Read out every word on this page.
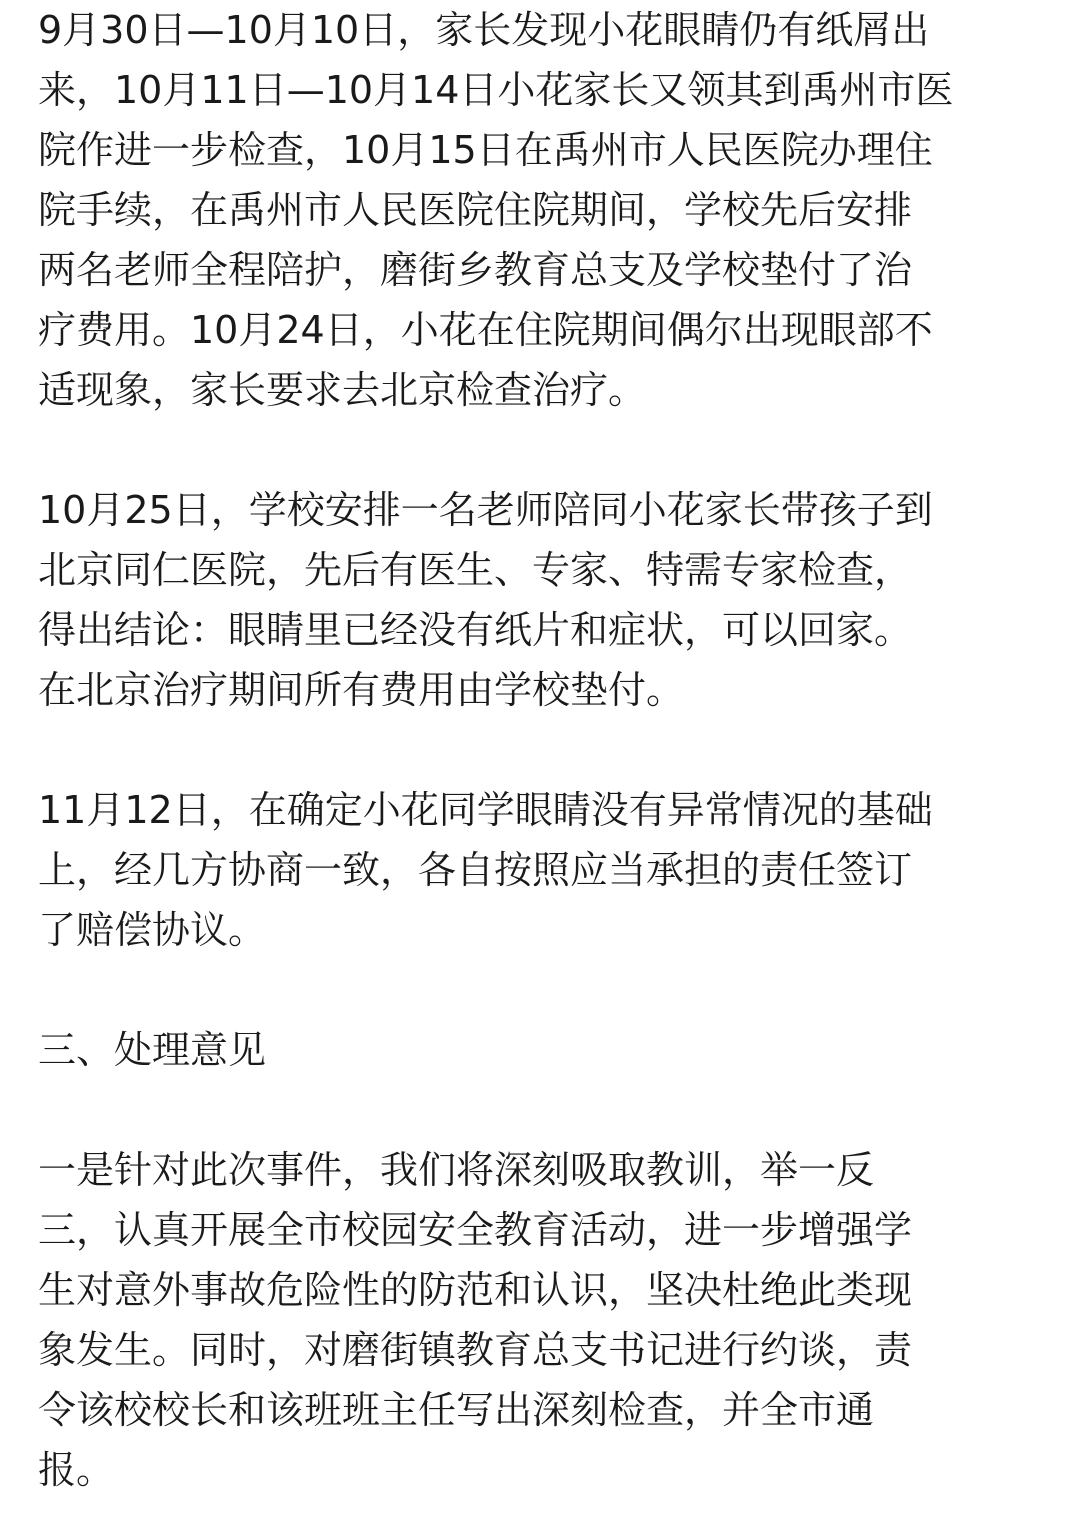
9月30日—10月10日，家长发现小花眼睛仍有纸屑出
来，10月11日—10月14日小花家长又领其到禹州市医
院作进一步检查，10月15日在禹州市人民医院办理住
院手续，在禹州市人民医院住院期间，学校先后安排
两名老师全程陪护，磨街乡教育总支及学校垫付了治
疗费用。10月24日，小花在住院期间偶尔出现眼部不
适现象，家长要求去北京检查治疗。
10月25日，学校安排一名老师陪同小花家长带孩子到
北京同仁医院，先后有医生、专家、特需专家检查，
得出结论：眼睛里已经没有纸片和症状，可以回家。
在北京治疗期间所有费用由学校垫付。
11月12日，在确定小花同学眼睛没有异常情况的基础
上，经几方协商一致，各自按照应当承担的责任签订
了赔偿协议。
三、处理意见
一是针对此次事件，我们将深刻吸取教训，举一反
三，认真开展全市校园安全教育活动，进一步增强学
生对意外事故危险性的防范和认识，坚决杜绝此类现
象发生。同时，对磨街镇教育总支书记进行约谈，责
令该校校长和该班班主任写出深刻检查，并全市通
报。
